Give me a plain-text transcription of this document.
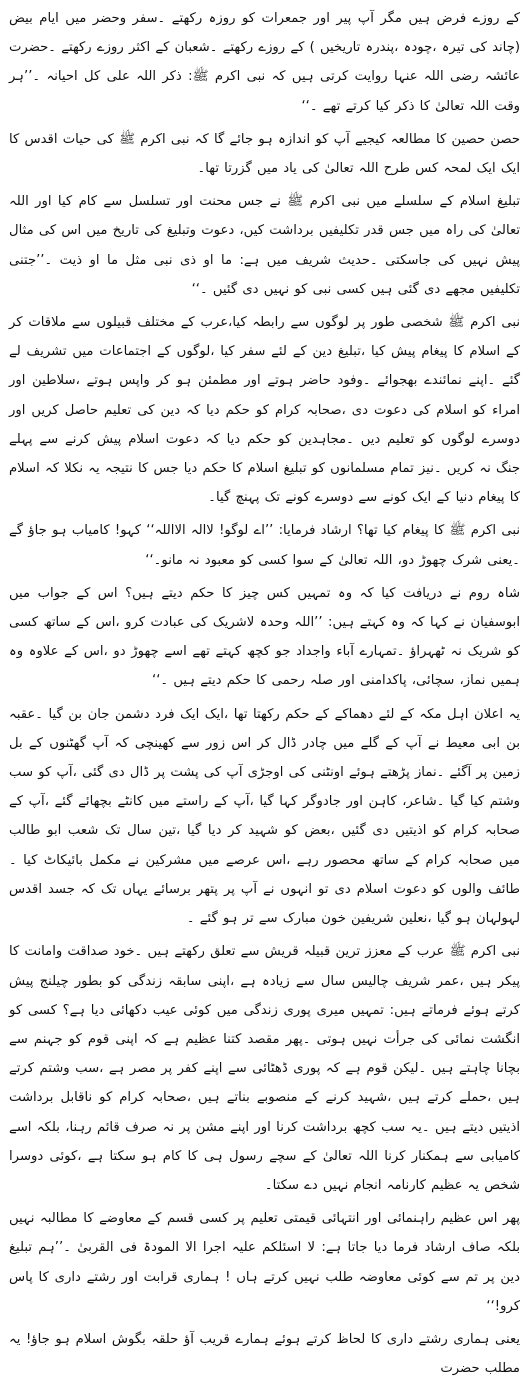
کے روزے فرض ہیں مگر آپ پیر اور جمعرات کو روزہ رکھتے ۔سفر وحضر میں ایام بیض (چاند کی تیرہ ،چودہ ،پندرہ تاریخیں ) کے روزے رکھتے ۔شعبان کے اکثر روزے رکھتے ۔حضرت عائشہ رضی اللہ عنہا روایت کرتی ہیں کہ نبی اکرم ﷺ: ذکر اللہ علی کل احیانہ ۔’’ہر وقت اللہ تعالیٰ کا ذکر کیا کرتے تھے ۔‘‘

حصن حصین کا مطالعہ کیجیے آپ کو اندازہ ہو جائے گا کہ نبی اکرم ﷺ کی حیات اقدس کا ایک ایک لمحہ کس طرح اللہ تعالیٰ کی یاد میں گزرتا تھا۔

تبلیغ اسلام کے سلسلے میں نبی اکرم ﷺ نے جس محنت اور تسلسل سے کام کیا اور اللہ تعالیٰ کی راہ میں جس قدر تکلیفیں برداشت کیں، دعوت وتبلیغ کی تاریخ میں اس کی مثال پیش نہیں کی جاسکتی ۔حدیث شریف میں ہے: ما او ذی نبی مثل ما او ذیت ۔’’جتنی تکلیفیں مجھے دی گئی ہیں کسی نبی کو نہیں دی گئیں ۔‘‘

نبی اکرم ﷺ شخصی طور پر لوگوں سے رابطہ کیا،عرب کے مختلف قبیلوں سے ملاقات کر کے اسلام کا پیغام پیش کیا ،تبلیغ دین کے لئے سفر کیا ،لوگوں کے اجتماعات میں تشریف لے گئے ۔اپنے نمائندے بھجوائے ۔وفود حاضر ہوتے اور مطمئن ہو کر واپس ہوتے ،سلاطین اور امراء کو اسلام کی دعوت دی ،صحابہ کرام کو حکم دیا کہ دین کی تعلیم حاصل کریں اور دوسرے لوگوں کو تعلیم دیں ۔مجاہدین کو حکم دیا کہ دعوت اسلام پیش کرنے سے پہلے جنگ نہ کریں ۔نیز تمام مسلمانوں کو تبلیغ اسلام کا حکم دیا جس کا نتیجہ یہ نکلا کہ اسلام کا پیغام دنیا کے ایک کونے سے دوسرے کونے تک پہنچ گیا۔

نبی اکرم ﷺ کا پیغام کیا تھا؟ ارشاد فرمایا: ’’اے لوگو! لاالہ الااللہ‘‘ کہو! کامیاب ہو جاؤ گے ۔یعنی شرک چھوڑ دو، اللہ تعالیٰ کے سوا کسی کو معبود نہ مانو۔‘‘

شاہ روم نے دریافت کیا کہ وہ تمہیں کس چیز کا حکم دیتے ہیں؟ اس کے جواب میں ابوسفیان نے کہا کہ وہ کہتے ہیں: ’’اللہ وحدہ لاشریک کی عبادت کرو ،اس کے ساتھ کسی کو شریک نہ ٹھہراؤ ۔تمہارے آباء واجداد جو کچھ کہتے تھے اسے چھوڑ دو ،اس کے علاوہ وہ ہمیں نماز، سچائی، پاکدامنی اور صلہ رحمی کا حکم دیتے ہیں ۔‘‘

یہ اعلان اہل مکہ کے لئے دھماکے کے حکم رکھتا تھا ،ایک ایک فرد دشمن جان بن گیا ۔عقبہ بن ابی معیط نے آپ کے گلے میں چادر ڈال کر اس زور سے کھینچی کہ آپ گھٹنوں کے بل زمین پر آگئے ۔نماز پڑھتے ہوئے اونٹنی کی اوجڑی آپ کی پشت پر ڈال دی گئی ،آپ کو سب وشتم کیا گیا ۔شاعر، کاہن اور جادوگر کہا گیا ،آپ کے راستے میں کانٹے بچھائے گئے ،آپ کے صحابہ کرام کو اذیتیں دی گئیں ،بعض کو شہید کر دیا گیا ،تین سال تک شعب ابو طالب میں صحابہ کرام کے ساتھ محصور رہے ،اس عرصے میں مشرکین نے مکمل بائیکاٹ کیا ۔طائف والوں کو دعوت اسلام دی تو انہوں نے آپ پر پتھر برسائے یہاں تک کہ جسد اقدس لہولہان ہو گیا ،نعلین شریفین خون مبارک سے تر ہو گئے ۔

نبی اکرم ﷺ عرب کے معزز ترین قبیلہ قریش سے تعلق رکھتے ہیں ۔خود صداقت وامانت کا پیکر ہیں ،عمر شریف چالیس سال سے زیادہ ہے ،اپنی سابقہ زندگی کو بطور چیلنج پیش کرتے ہوئے فرماتے ہیں: تمہیں میری پوری زندگی میں کوئی عیب دکھائی دیا ہے؟ کسی کو انگشت نمائی کی جرأت نہیں ہوتی ۔پھر مقصد کتنا عظیم ہے کہ اپنی قوم کو جہنم سے بچانا چاہتے ہیں ۔لیکن قوم ہے کہ پوری ڈھٹائی سے اپنے کفر پر مصر ہے ،سب وشتم کرتے ہیں ،حملے کرتے ہیں ،شہید کرنے کے منصوبے بناتے ہیں ،صحابہ کرام کو ناقابل برداشت اذیتیں دیتے ہیں ۔یہ سب کچھ برداشت کرنا اور اپنے مشن پر نہ صرف قائم رہنا، بلکہ اسے کامیابی سے ہمکنار کرنا اللہ تعالیٰ کے سچے رسول ہی کا کام ہو سکتا ہے ،کوئی دوسرا شخص یہ عظیم کارنامہ انجام نہیں دے سکتا۔

پھر اس عظیم راہنمائی اور انتہائی قیمتی تعلیم پر کسی قسم کے معاوضے کا مطالبہ نہیں بلکہ صاف ارشاد فرما دیا جاتا ہے: لا اسئلکم علیہ اجرا الا المودۃ فی القربیٰ ۔’’ہم تبلیغ دین پر تم سے کوئی معاوضہ طلب نہیں کرتے ہاں ! ہماری قرابت اور رشتے داری کا پاس کرو!‘‘

یعنی ہماری رشتے داری کا لحاظ کرتے ہوئے ہمارے قریب آؤ حلقہ بگوش اسلام ہو جاؤ! یہ مطلب حضرت
